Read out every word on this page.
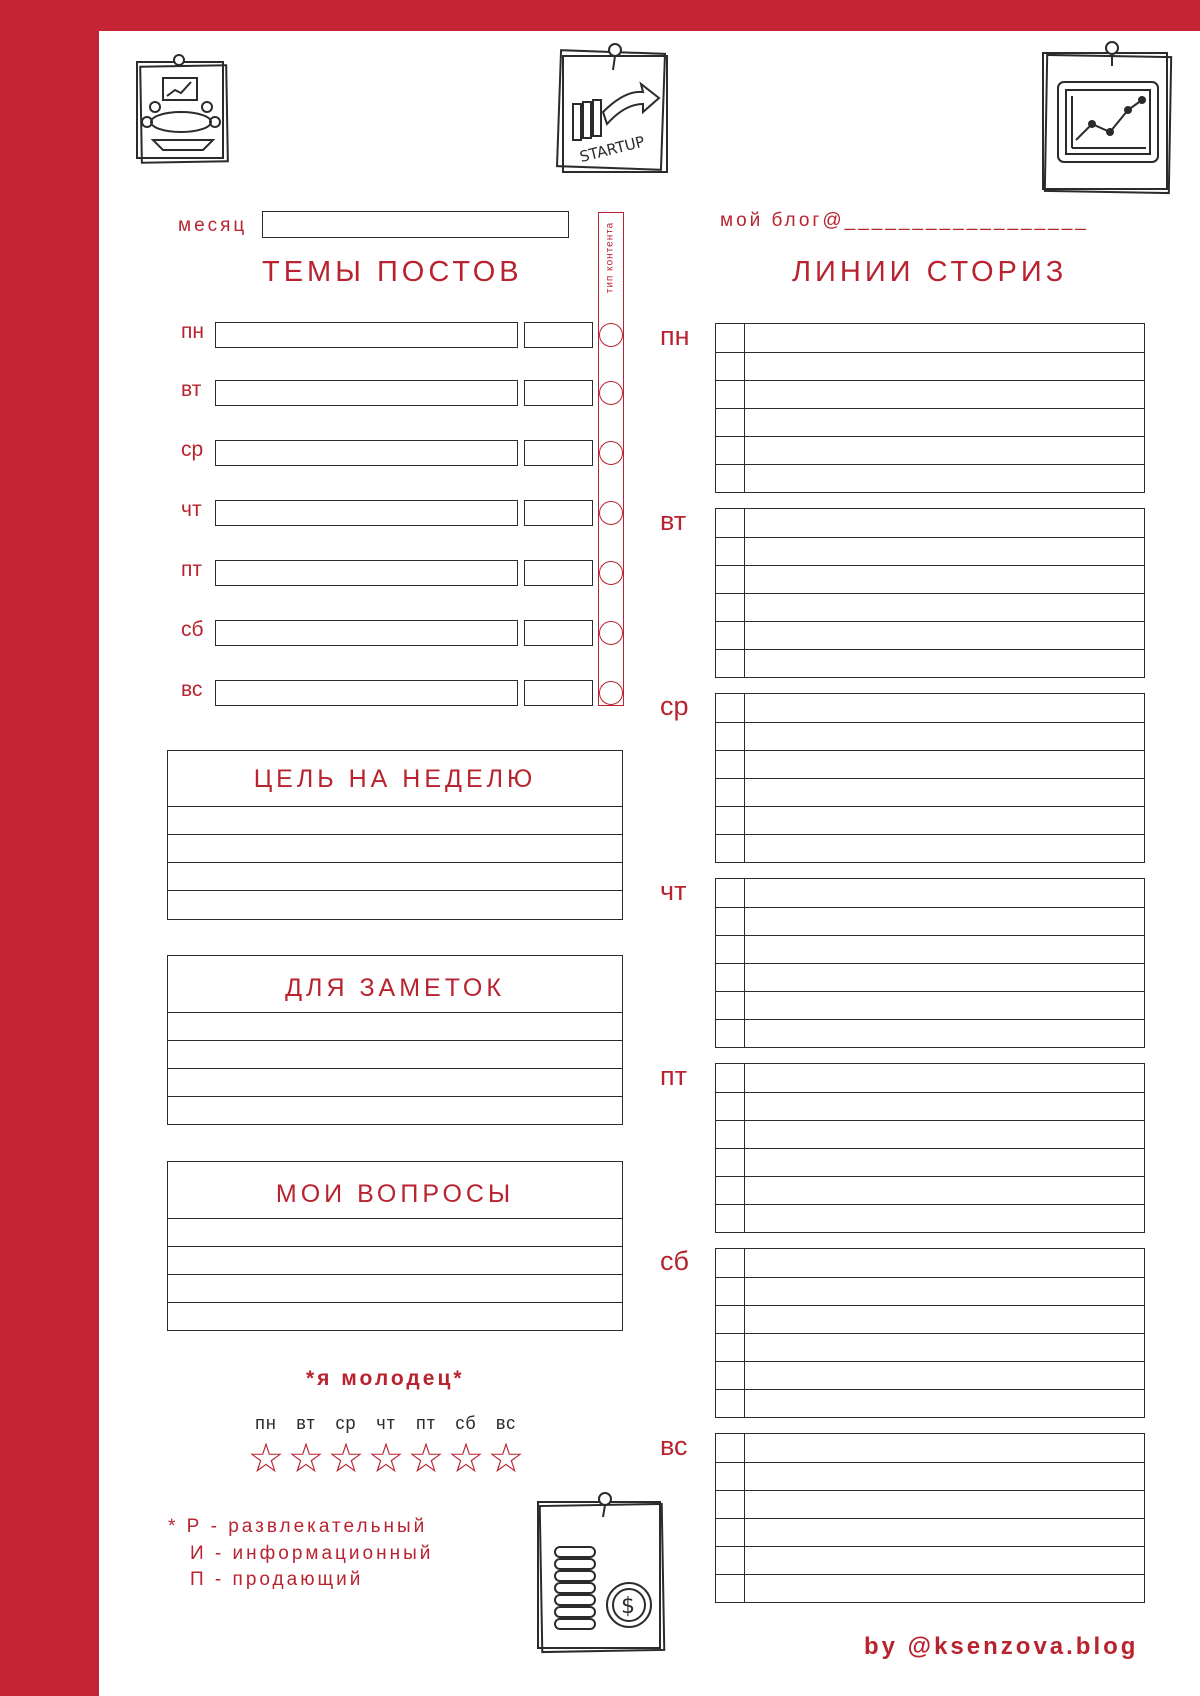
STARTUP
$
месяц	мой блог@__________________
ТЕМЫ ПОСТОВ
пн
вт
ср
чт
пт
сб
вс
тип контента	ЛИНИИ СТОРИЗ
пн
вт
ср
чт
пт
сб
вс
ЦЕЛЬ НА НЕДЕЛЮ
ДЛЯ ЗАМЕТОК
МОИ ВОПРОСЫ
*я молодец*
пн вт ср чт пт сб вс
☆☆☆☆☆☆☆
* Р - развлекательный
И - информационный
П - продающий
by @ksenzova.blog
